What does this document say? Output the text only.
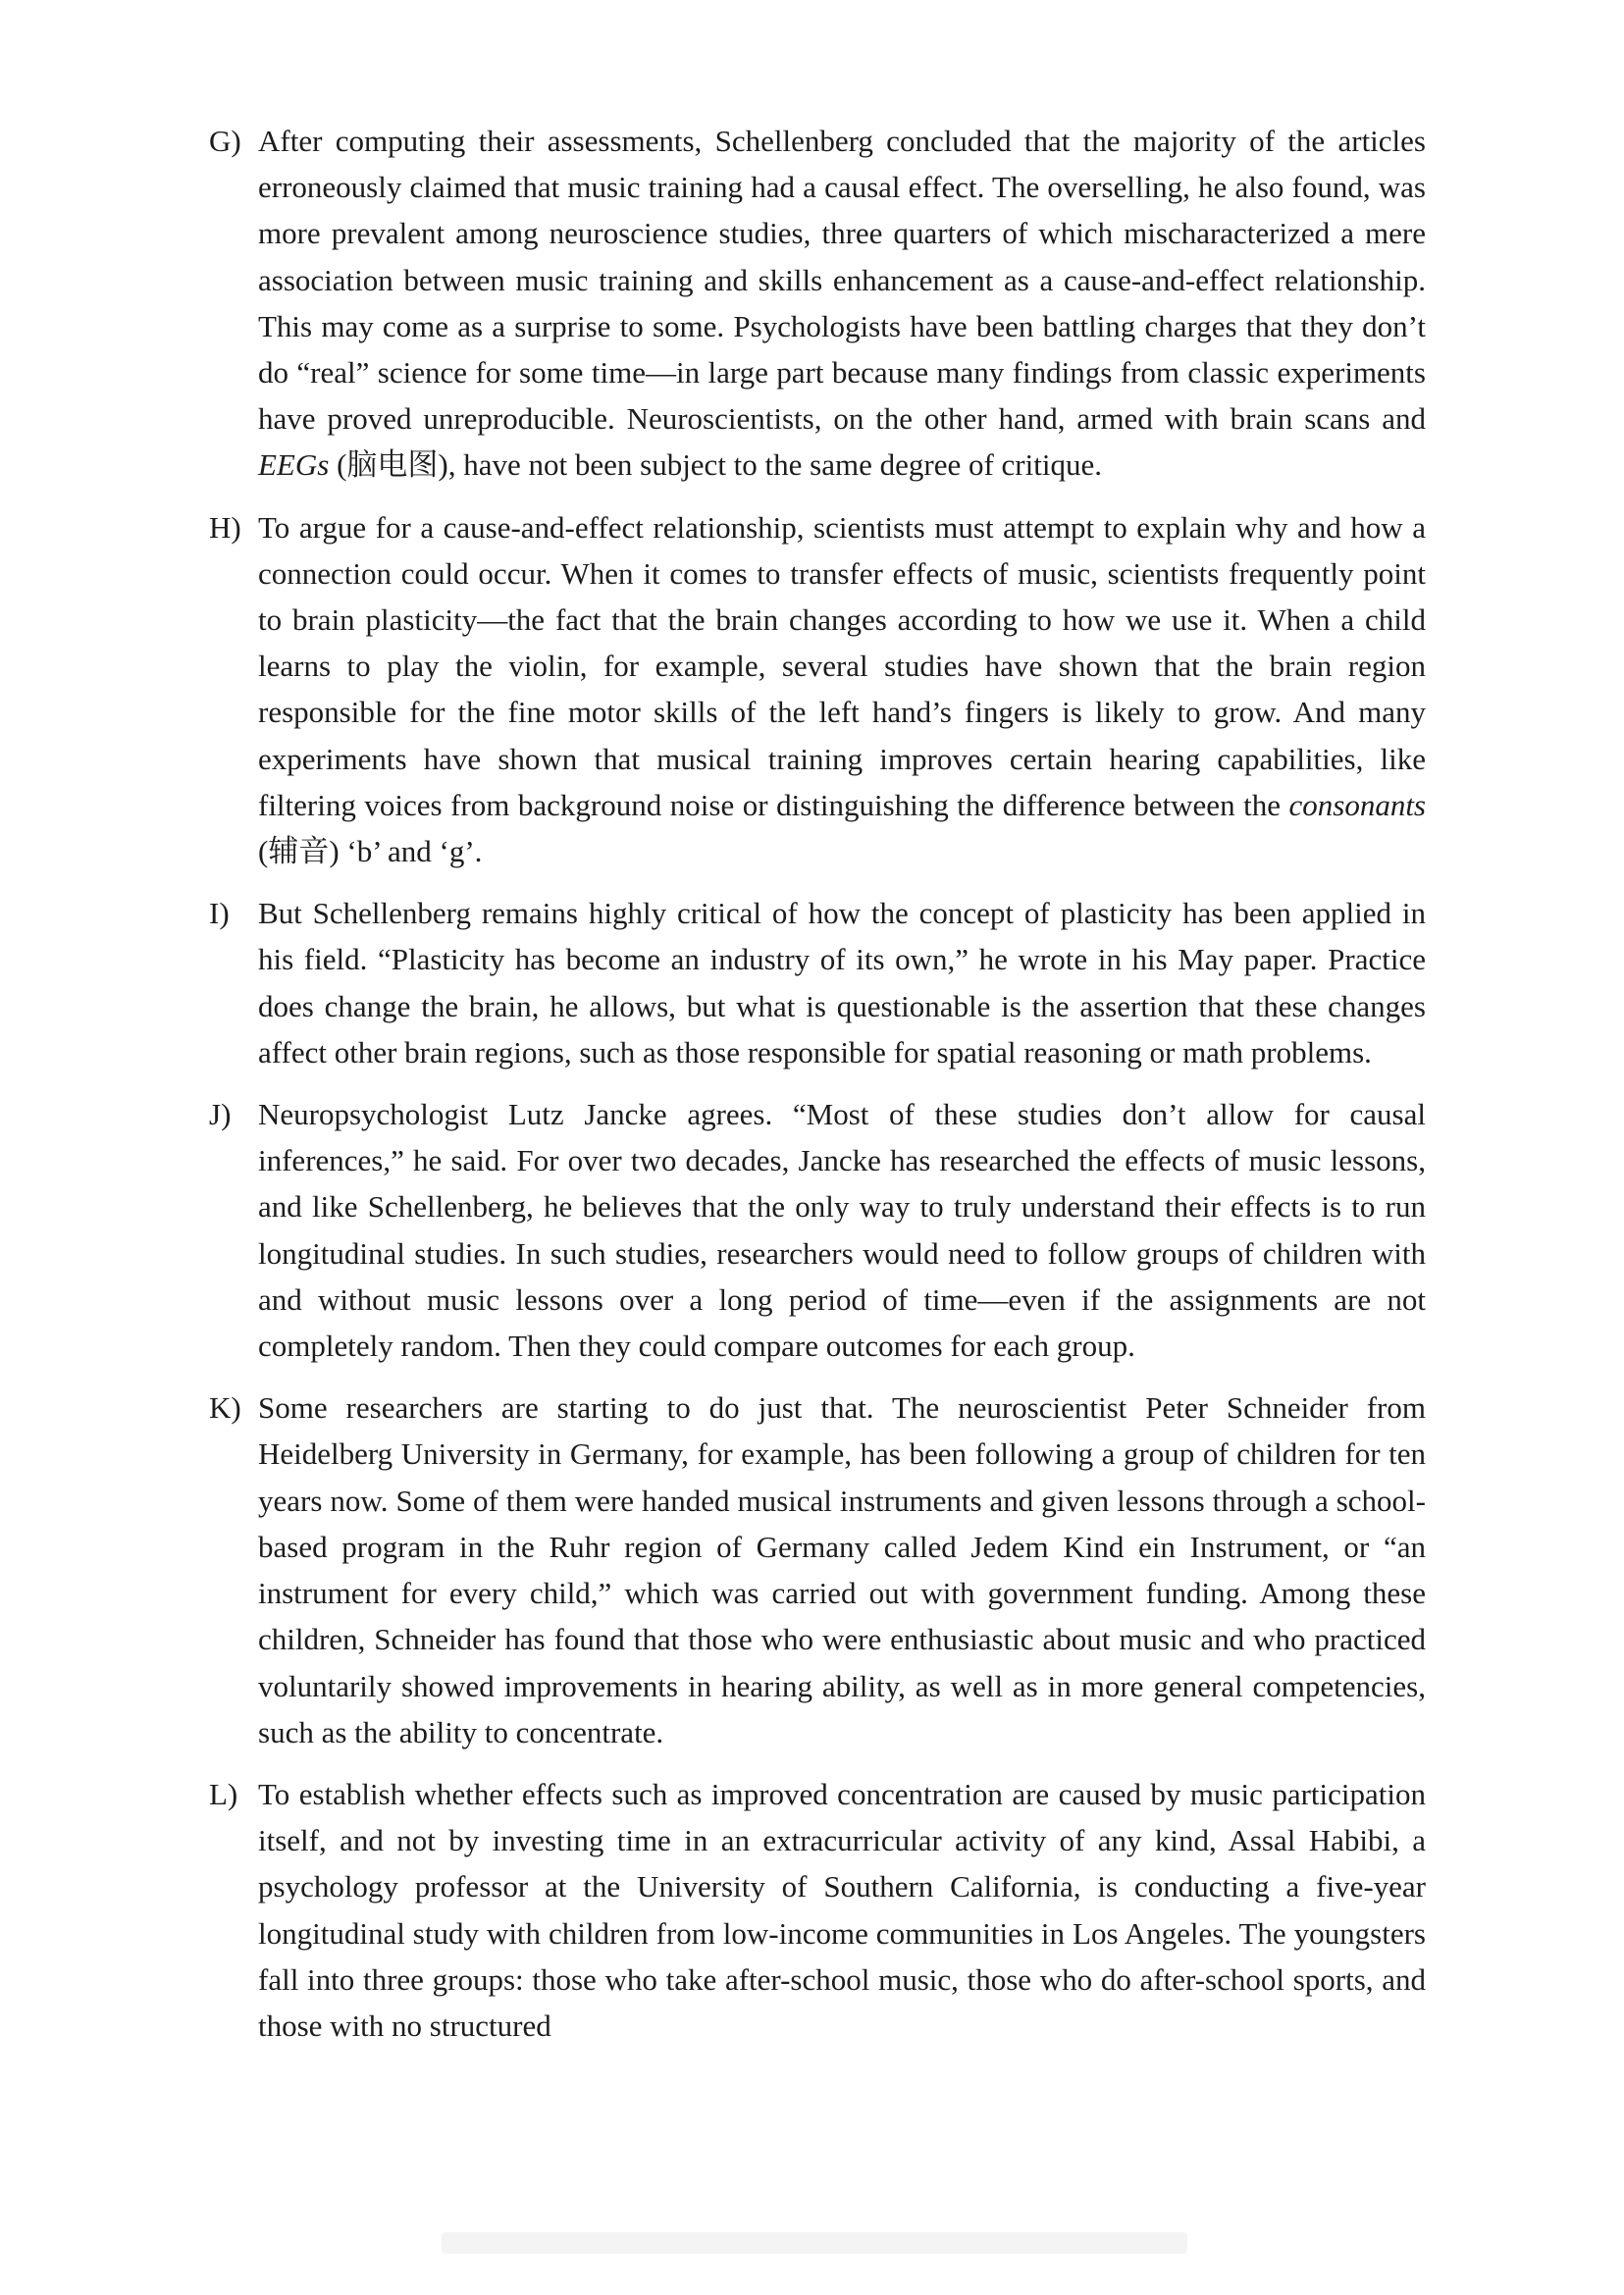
G) After computing their assessments, Schellenberg concluded that the majority of the articles erroneously claimed that music training had a causal effect. The overselling, he also found, was more prevalent among neuroscience studies, three quarters of which mischaracterized a mere association between music training and skills enhancement as a cause-and-effect relationship. This may come as a surprise to some. Psychologists have been battling charges that they don’t do “real” science for some time—in large part because many findings from classic experiments have proved unreproducible. Neuroscientists, on the other hand, armed with brain scans and EEGs (脑电图), have not been subject to the same degree of critique.
H) To argue for a cause-and-effect relationship, scientists must attempt to explain why and how a connection could occur. When it comes to transfer effects of music, scientists frequently point to brain plasticity—the fact that the brain changes according to how we use it. When a child learns to play the violin, for example, several studies have shown that the brain region responsible for the fine motor skills of the left hand’s fingers is likely to grow. And many experiments have shown that musical training improves certain hearing capabilities, like filtering voices from background noise or distinguishing the difference between the consonants (辅音) ‘b’ and ‘g’.
I) But Schellenberg remains highly critical of how the concept of plasticity has been applied in his field. “Plasticity has become an industry of its own,” he wrote in his May paper. Practice does change the brain, he allows, but what is questionable is the assertion that these changes affect other brain regions, such as those responsible for spatial reasoning or math problems.
J) Neuropsychologist Lutz Jancke agrees. “Most of these studies don’t allow for causal inferences,” he said. For over two decades, Jancke has researched the effects of music lessons, and like Schellenberg, he believes that the only way to truly understand their effects is to run longitudinal studies. In such studies, researchers would need to follow groups of children with and without music lessons over a long period of time—even if the assignments are not completely random. Then they could compare outcomes for each group.
K) Some researchers are starting to do just that. The neuroscientist Peter Schneider from Heidelberg University in Germany, for example, has been following a group of children for ten years now. Some of them were handed musical instruments and given lessons through a school-based program in the Ruhr region of Germany called Jedem Kind ein Instrument, or “an instrument for every child,” which was carried out with government funding. Among these children, Schneider has found that those who were enthusiastic about music and who practiced voluntarily showed improvements in hearing ability, as well as in more general competencies, such as the ability to concentrate.
L) To establish whether effects such as improved concentration are caused by music participation itself, and not by investing time in an extracurricular activity of any kind, Assal Habibi, a psychology professor at the University of Southern California, is conducting a five-year longitudinal study with children from low-income communities in Los Angeles. The youngsters fall into three groups: those who take after-school music, those who do after-school sports, and those with no structured
